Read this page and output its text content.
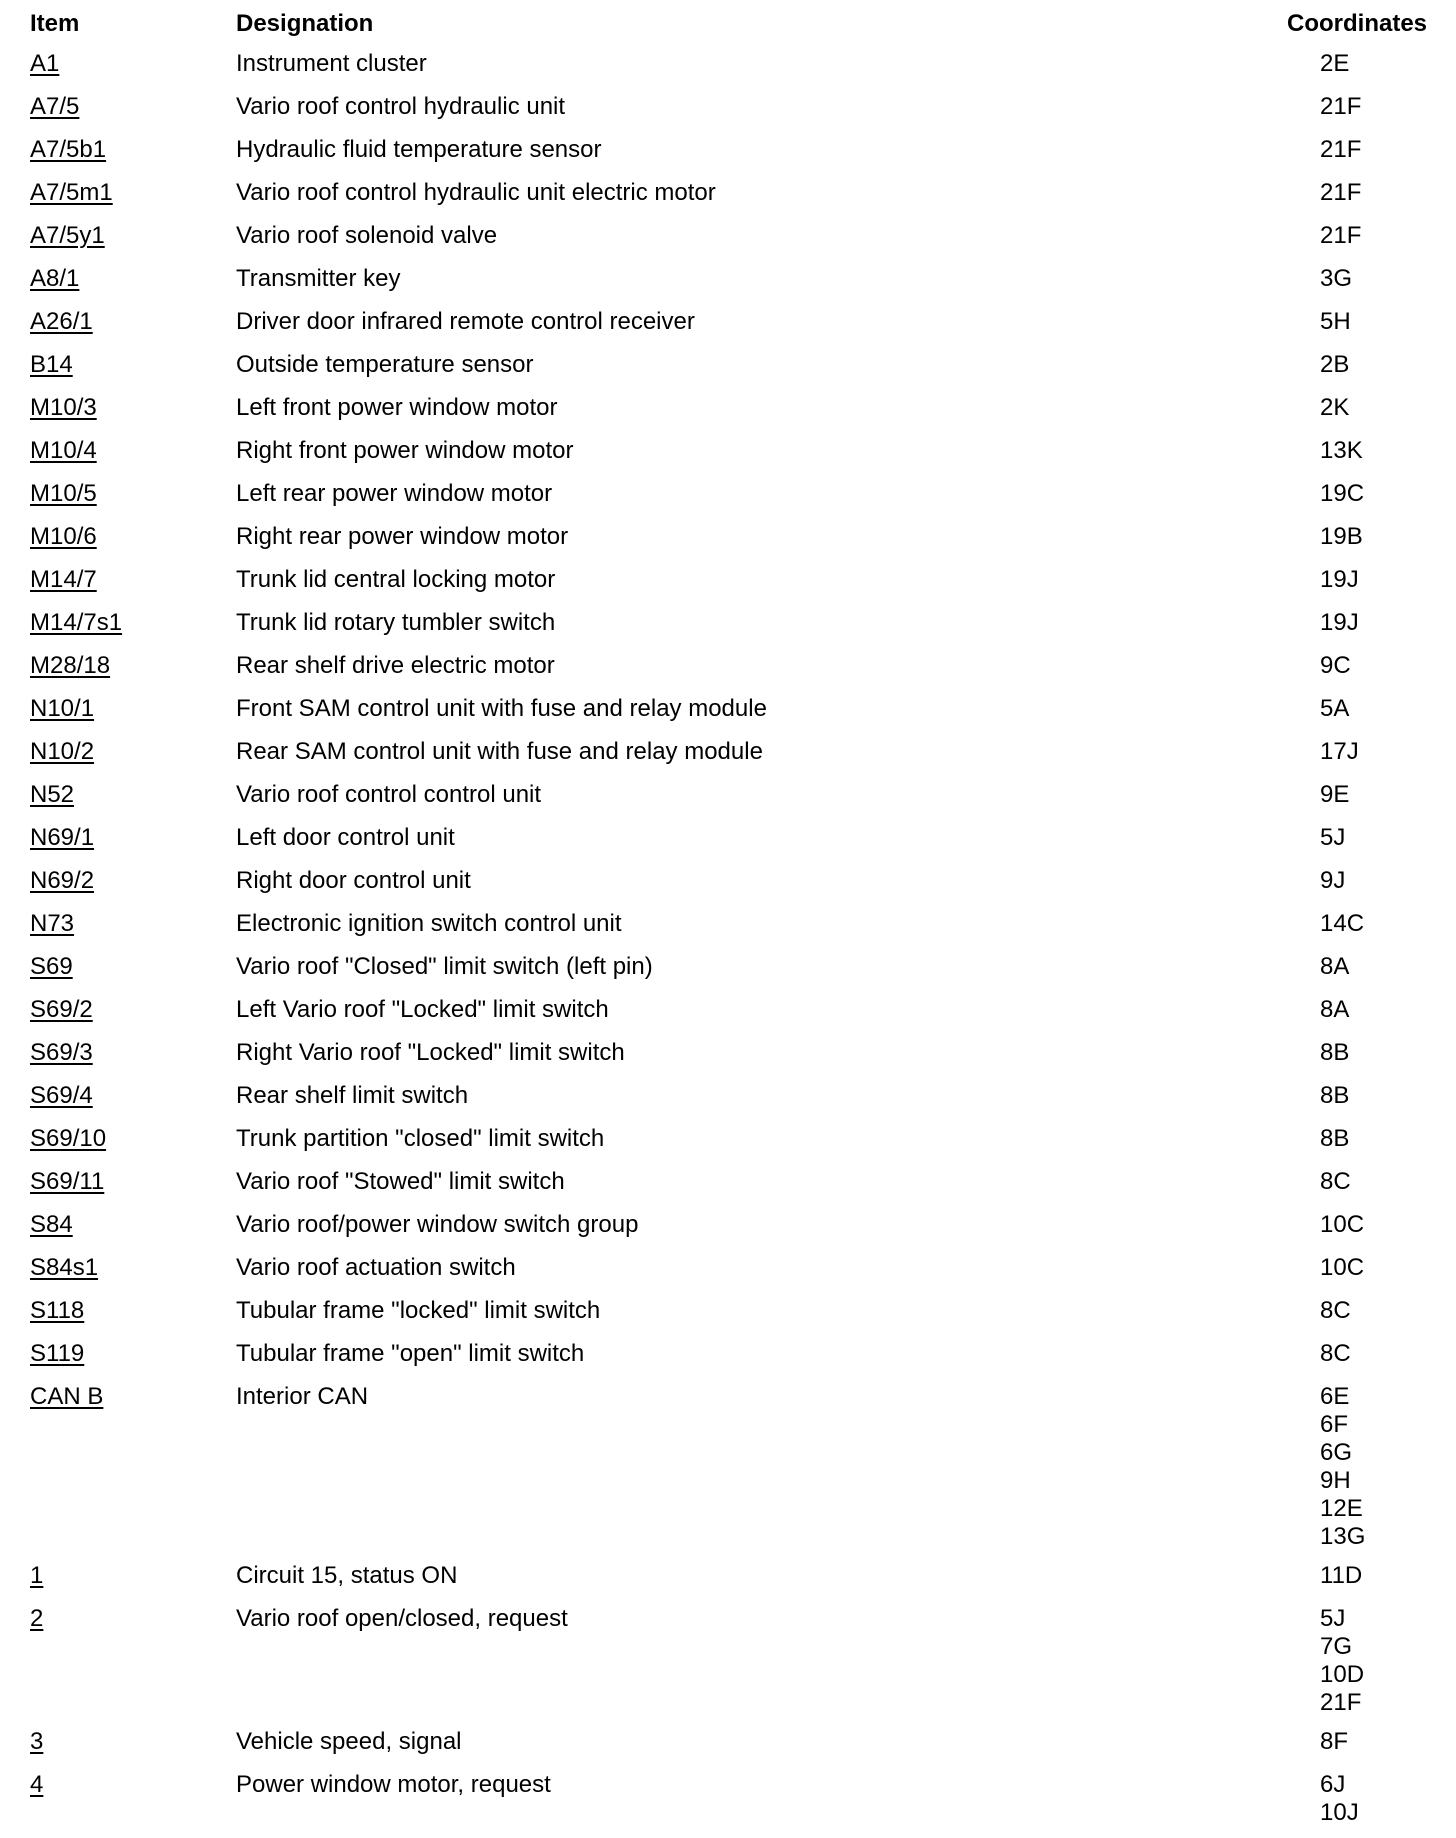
Item	Designation	Coordinates
A1	Instrument cluster	2E
A7/5	Vario roof control hydraulic unit	21F
A7/5b1	Hydraulic fluid temperature sensor	21F
A7/5m1	Vario roof control hydraulic unit electric motor	21F
A7/5y1	Vario roof solenoid valve	21F
A8/1	Transmitter key	3G
A26/1	Driver door infrared remote control receiver	5H
B14	Outside temperature sensor	2B
M10/3	Left front power window motor	2K
M10/4	Right front power window motor	13K
M10/5	Left rear power window motor	19C
M10/6	Right rear power window motor	19B
M14/7	Trunk lid central locking motor	19J
M14/7s1	Trunk lid rotary tumbler switch	19J
M28/18	Rear shelf drive electric motor	9C
N10/1	Front SAM control unit with fuse and relay module	5A
N10/2	Rear SAM control unit with fuse and relay module	17J
N52	Vario roof control control unit	9E
N69/1	Left door control unit	5J
N69/2	Right door control unit	9J
N73	Electronic ignition switch control unit	14C
S69	Vario roof "Closed" limit switch (left pin)	8A
S69/2	Left Vario roof "Locked" limit switch	8A
S69/3	Right Vario roof "Locked" limit switch	8B
S69/4	Rear shelf limit switch	8B
S69/10	Trunk partition "closed" limit switch	8B
S69/11	Vario roof "Stowed" limit switch	8C
S84	Vario roof/power window switch group	10C
S84s1	Vario roof actuation switch	10C
S118	Tubular frame "locked" limit switch	8C
S119	Tubular frame "open" limit switch	8C
CAN B	Interior CAN	6E
6F
6G
9H
12E
13G
1	Circuit 15, status ON	11D
2	Vario roof open/closed, request	5J
7G
10D
21F
3	Vehicle speed, signal	8F
4	Power window motor, request	6J
10J
